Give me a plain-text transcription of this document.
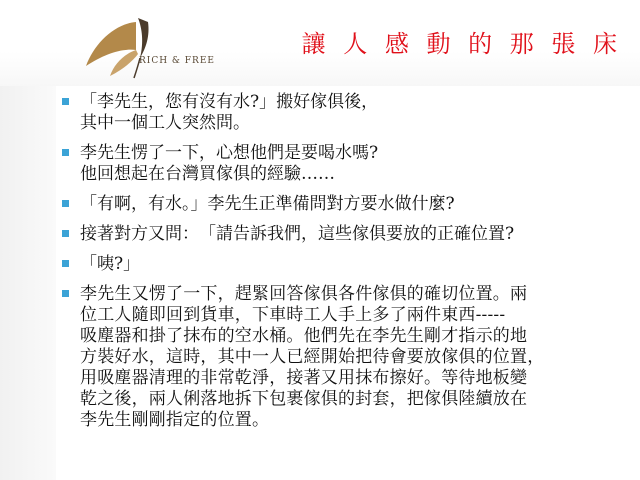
RICH & FREE
讓 人 感 動 的 那 張 床
「李先生，您有沒有水?」搬好傢俱後，
其中一個工人突然問。
李先生愣了一下，心想他們是要喝水嗎?
他回想起在台灣買傢俱的經驗……
「有啊，有水。」李先生正準備問對方要水做什麼?
接著對方又問：　「請告訴我們，這些傢俱要放的正確位置?
「咦?」
李先生又愣了一下，趕緊回答傢俱各件傢俱的確切位置。兩
位工人隨即回到貨車，下車時工人手上多了兩件東西-----
吸塵器和掛了抹布的空水桶。他們先在李先生剛才指示的地
方裝好水，這時，其中一人已經開始把待會要放傢俱的位置，
用吸塵器清理的非常乾淨，接著又用抹布擦好。等待地板變
乾之後，兩人俐落地拆下包裹傢俱的封套，把傢俱陸續放在
李先生剛剛指定的位置。
